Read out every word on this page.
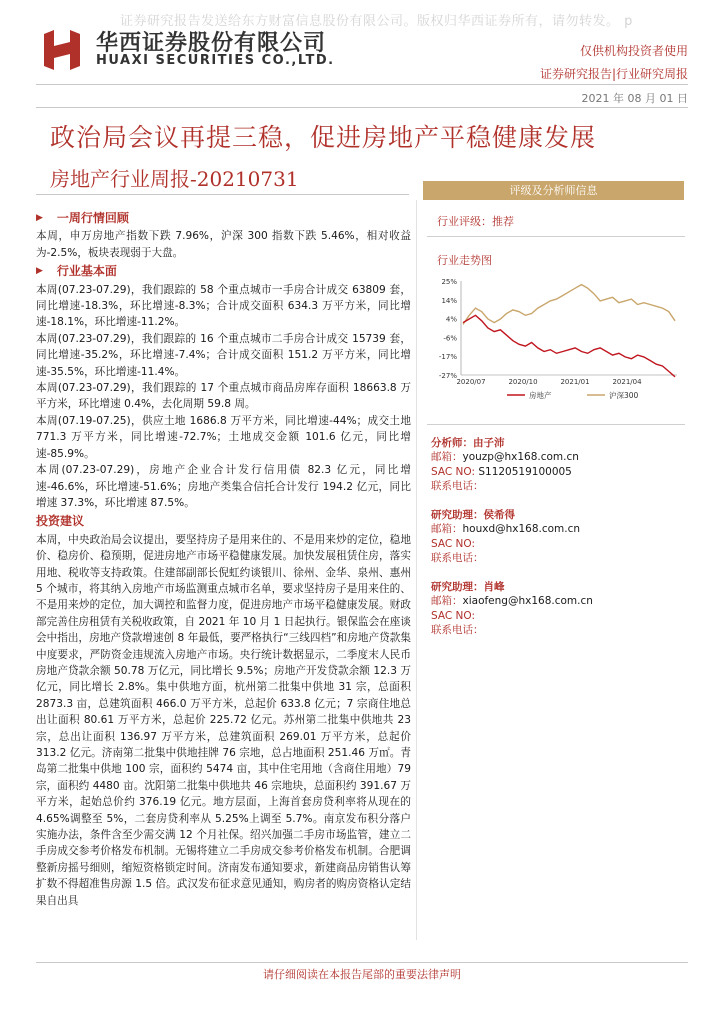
证券研究报告发送给东方财富信息股份有限公司。版权归华西证券所有，请勿转发。 p
华西证券股份有限公司
HUAXI SECURITIES CO.,LTD.
仅供机构投资者使用
证券研究报告|行业研究周报
2021 年 08 月 01 日
政治局会议再提三稳，促进房地产平稳健康发展
房地产行业周报-20210731
▶ 一周行情回顾

本周，申万房地产指数下跌 7.96%，沪深 300 指数下跌 5.46%，相对收益为-2.5%，板块表现弱于大盘。

▶ 行业基本面

本周(07.23-07.29)，我们跟踪的 58 个重点城市一手房合计成交 63809 套，同比增速-18.3%，环比增速-8.3%；合计成交面积 634.3 万平方米，同比增速-18.1%，环比增速-11.2%。

本周(07.23-07.29)，我们跟踪的 16 个重点城市二手房合计成交 15739 套，同比增速-35.2%，环比增速-7.4%；合计成交面积 151.2 万平方米，同比增速-35.5%，环比增速-11.4%。

本周(07.23-07.29)，我们跟踪的 17 个重点城市商品房库存面积 18663.8 万平方米，环比增速 0.4%，去化周期 59.8 周。

本周(07.19-07.25)，供应土地 1686.8 万平方米，同比增速-44%；成交土地 771.3 万平方米，同比增速-72.7%；土地成交金额 101.6 亿元，同比增速-85.9%。

本周(07.23-07.29)，房地产企业合计发行信用债 82.3 亿元，同比增速-46.6%，环比增速-51.6%；房地产类集合信托合计发行 194.2 亿元，同比增速 37.3%，环比增速 87.5%。

投资建议

本周，中央政治局会议提出，要坚持房子是用来住的、不是用来炒的定位，稳地价、稳房价、稳预期，促进房地产市场平稳健康发展。加快发展租赁住房，落实用地、税收等支持政策。住建部副部长倪虹约谈银川、徐州、金华、泉州、惠州 5 个城市，将其纳入房地产市场监测重点城市名单，要求坚持房子是用来住的、不是用来炒的定位，加大调控和监督力度，促进房地产市场平稳健康发展。财政部完善住房租赁有关税收政策，自 2021 年 10 月 1 日起执行。银保监会在座谈会中指出，房地产贷款增速创 8 年最低，要严格执行“三线四档”和房地产贷款集中度要求，严防资金违规流入房地产市场。央行统计数据显示，二季度末人民币房地产贷款余额 50.78 万亿元，同比增长 9.5%；房地产开发贷款余额 12.3 万亿元，同比增长 2.8%。集中供地方面，杭州第二批集中供地 31 宗，总面积 2873.3 亩，总建筑面积 466.0 万平方米，总起价 633.8 亿元；7 宗商住地总出让面积 80.61 万平方米，总起价 225.72 亿元。苏州第二批集中供地共 23 宗，总出让面积 136.97 万平方米，总建筑面积 269.01 万平方米，总起价 313.2 亿元。济南第二批集中供地挂牌 76 宗地，总占地面积 251.46 万㎡。青岛第二批集中供地 100 宗，面积约 5474 亩，其中住宅用地（含商住用地）79 宗，面积约 4480 亩。沈阳第二批集中供地共 46 宗地块，总面积约 391.67 万平方米，起始总价约 376.19 亿元。地方层面，上海首套房贷利率将从现在的 4.65%调整至 5%，二套房贷利率从 5.25%上调至 5.7%。南京发布积分落户实施办法，条件含至少需交满 12 个月社保。绍兴加强二手房市场监管，建立二手房成交参考价格发布机制。无锡将建立二手房成交参考价格发布机制。合肥调整新房摇号细则，缩短资格锁定时间。济南发布通知要求，新建商品房销售认筹扩数不得超准售房源 1.5 倍。武汉发布征求意见通知，购房者的购房资格认定结果自出具

评级及分析师信息
行业评级：推荐
行业走势图
25%
14%
4%
-6%
-17%
-27%
2020/07	2020/10	2021/01	2021/04
房地产	沪深300
分析师：由子沛
邮箱：youzp@hx168.com.cn
SAC NO: S1120519100005
联系电话：
研究助理：侯希得
邮箱：houxd@hx168.com.cn
SAC NO:
联系电话：
研究助理：肖峰
邮箱：xiaofeng@hx168.com.cn
SAC NO:
联系电话：
请仔细阅读在本报告尾部的重要法律声明
